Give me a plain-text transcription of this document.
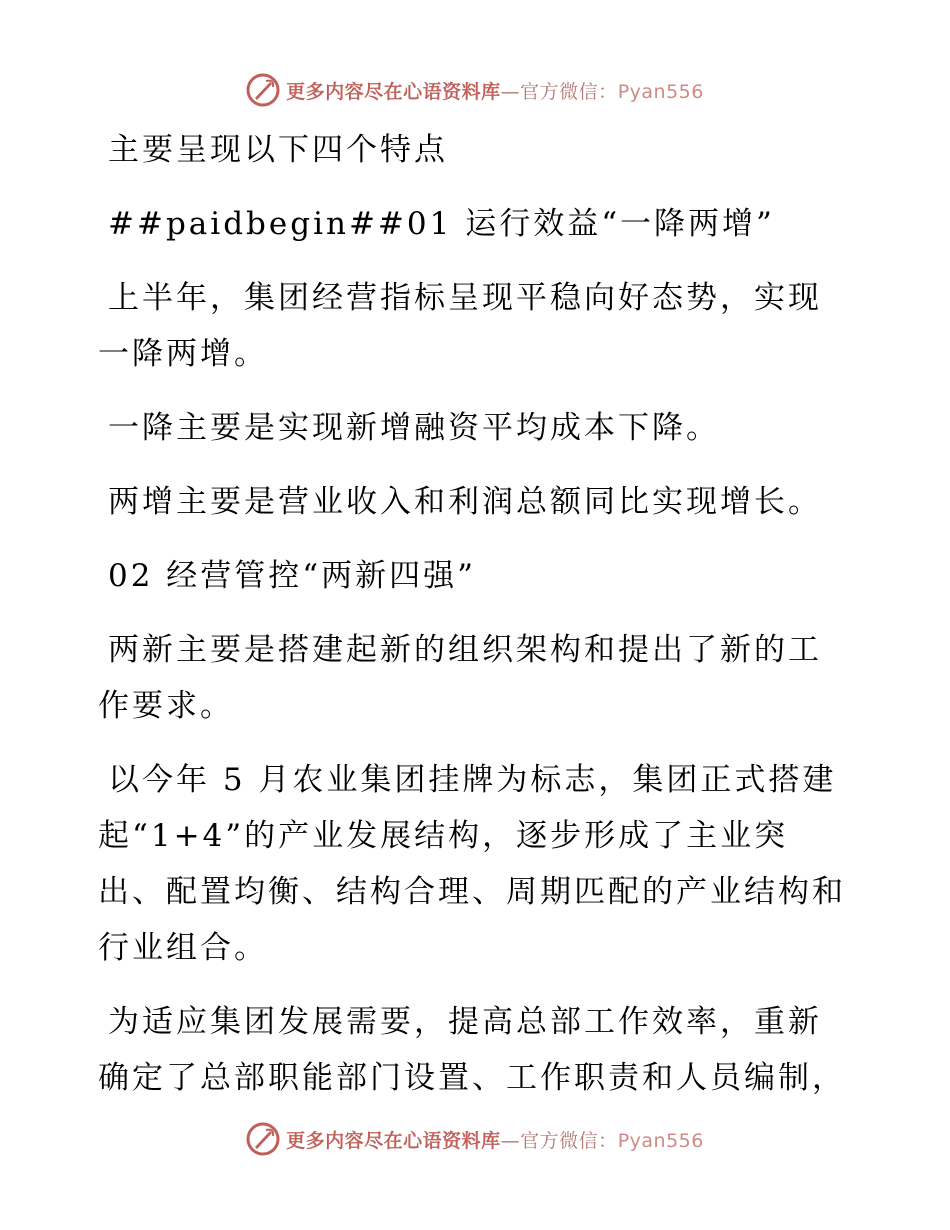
更多内容尽在心语资料库—官方微信：Pyan556

主要呈现以下四个特点

##paidbegin##01 运行效益“一降两增”

上半年，集团经营指标呈现平稳向好态势，实现一降两增。

一降主要是实现新增融资平均成本下降。

两增主要是营业收入和利润总额同比实现增长。

02 经营管控“两新四强”

两新主要是搭建起新的组织架构和提出了新的工作要求。

以今年 5 月农业集团挂牌为标志，集团正式搭建起“1+4”的产业发展结构，逐步形成了主业突出、配置均衡、结构合理、周期匹配的产业结构和行业组合。

为适应集团发展需要，提高总部工作效率，重新确定了总部职能部门设置、工作职责和人员编制，

更多内容尽在心语资料库—官方微信：Pyan556
